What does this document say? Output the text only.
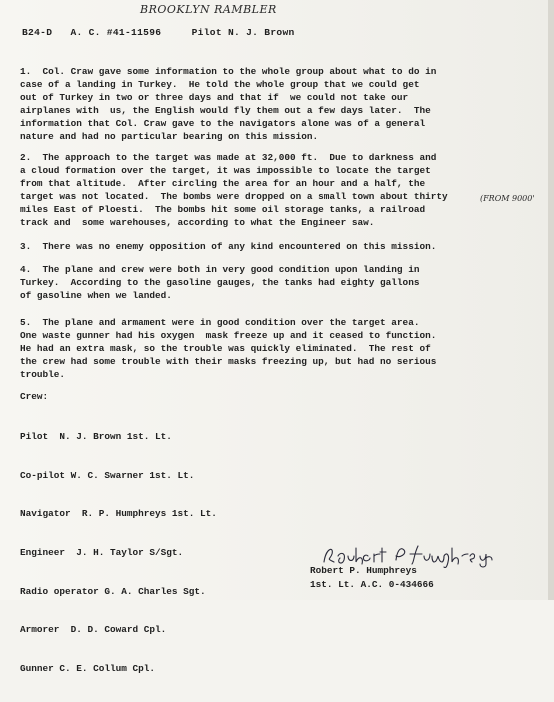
BROOKLYN RAMBLER
B24-D   A. C. #41-11596     Pilot N. J. Brown
1.  Col. Craw gave some information to the whole group about what to do in
case of a landing in Turkey.  He told the whole group that we could get
out of Turkey in two or three days and that if  we could not take our
airplanes with  us, the English would fly them out a few days later.  The
information that Col. Craw gave to the navigators alone was of a general
nature and had no particular bearing on this mission.
2.  The approach to the target was made at 32,000 ft.  Due to darkness and
a cloud formation over the target, it was impossible to locate the target
from that altitude.  After circling the area for an hour and a half, the
target was not located.  The bombs were dropped on a small town about thirty
miles East of Ploesti.  The bombs hit some oil storage tanks, a railroad
track and  some warehouses, according to what the Engineer saw.
(FROM 9000'
3.  There was no enemy opposition of any kind encountered on this mission.
4.  The plane and crew were both in very good condition upon landing in
Turkey.  According to the gasoline gauges, the tanks had eighty gallons
of gasoline when we landed.
5.  The plane and armament were in good condition over the target area.
One waste gunner had his oxygen  mask freeze up and it ceased to function.
He had an extra mask, so the trouble was quickly eliminated.  The rest of
the crew had some trouble with their masks freezing up, but had no serious
trouble.
Crew:

Pilot  N. J. Brown 1st. Lt.

Co-pilot W. C. Swarner 1st. Lt.

Navigator  R. P. Humphreys 1st. Lt.

Engineer  J. H. Taylor S/Sgt.

Radio operator G. A. Charles Sgt.

Armorer  D. D. Coward Cpl.

Gunner C. E. Collum Cpl.

Robert P. Humphreys
1st. Lt. A.C. 0-434666
